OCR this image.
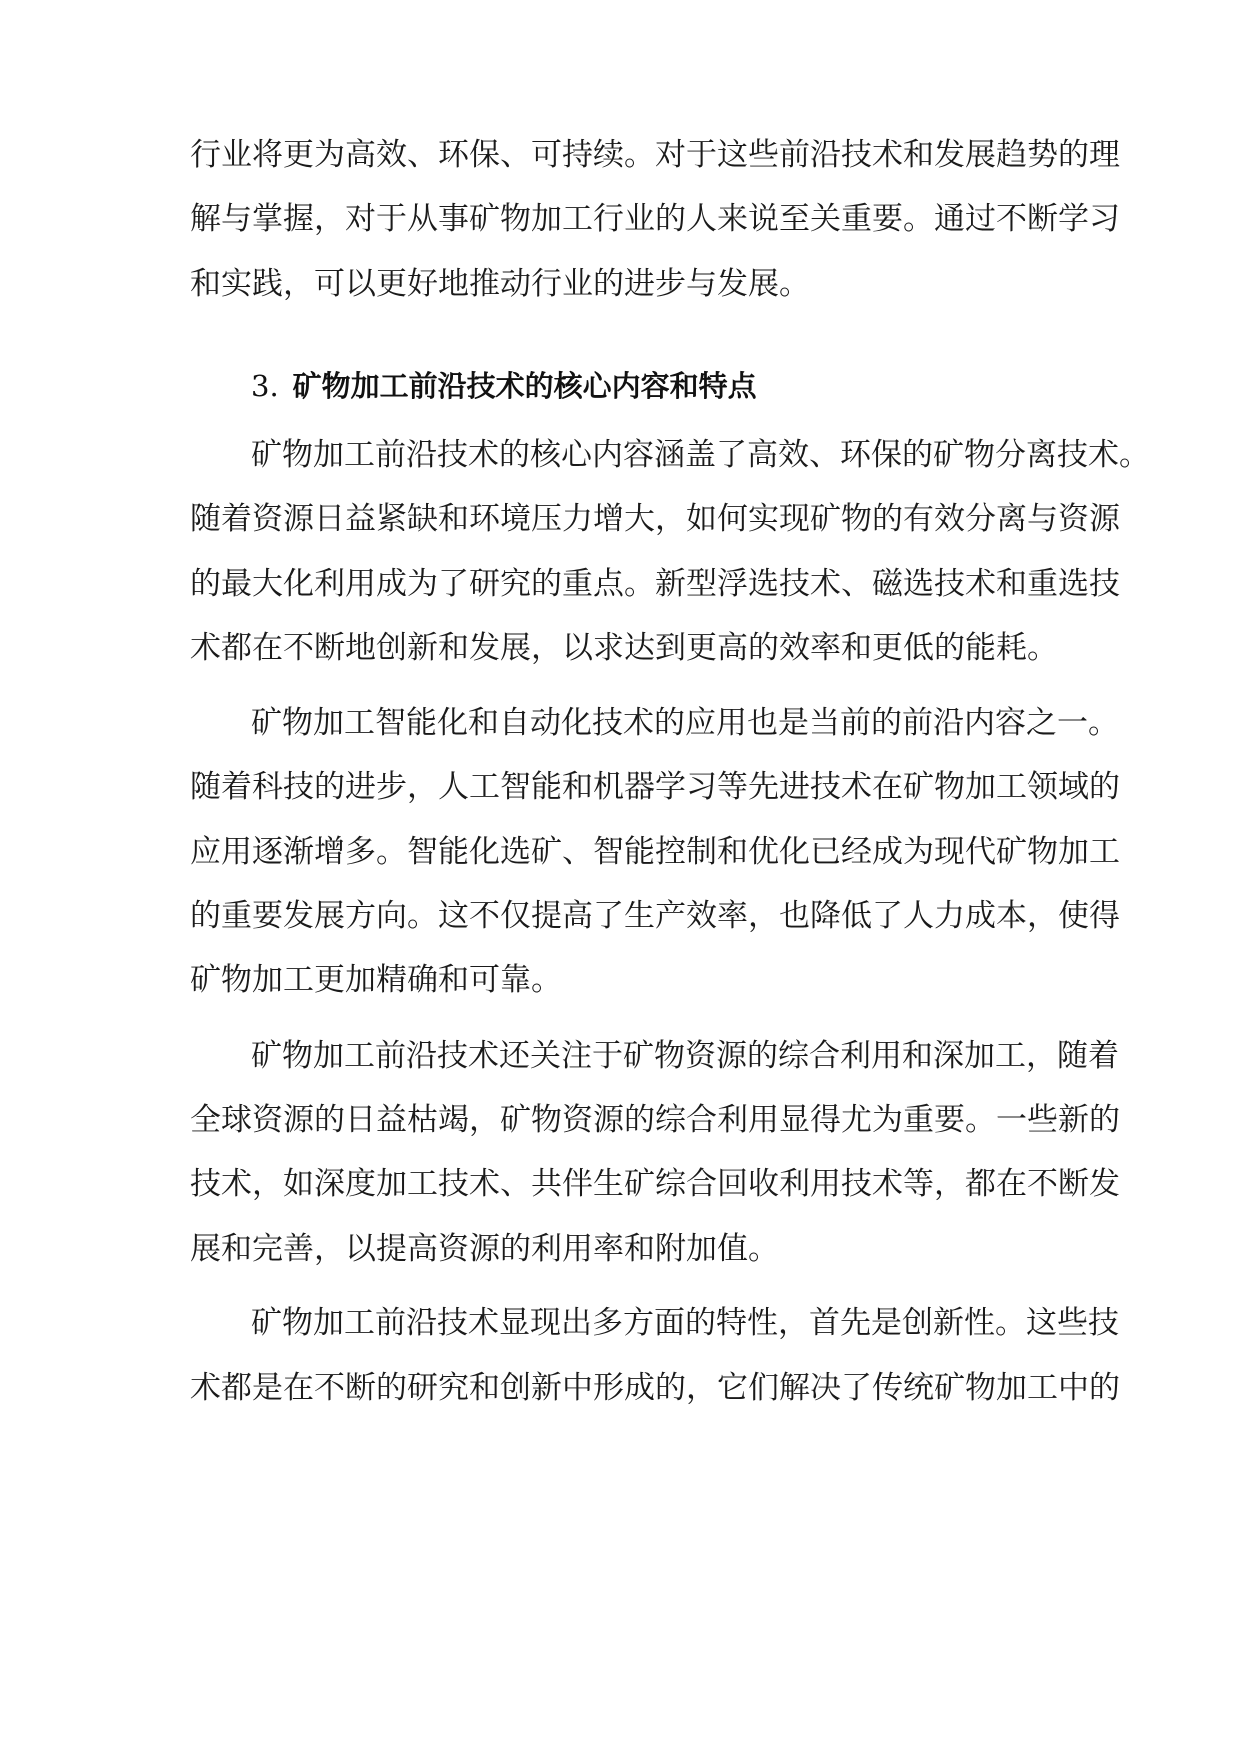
行业将更为高效、环保、可持续。对于这些前沿技术和发展趋势的理
解与掌握，对于从事矿物加工行业的人来说至关重要。通过不断学习
和实践，可以更好地推动行业的进步与发展。
3. 矿物加工前沿技术的核心内容和特点
矿物加工前沿技术的核心内容涵盖了高效、环保的矿物分离技术。
随着资源日益紧缺和环境压力增大，如何实现矿物的有效分离与资源
的最大化利用成为了研究的重点。新型浮选技术、磁选技术和重选技
术都在不断地创新和发展，以求达到更高的效率和更低的能耗。
矿物加工智能化和自动化技术的应用也是当前的前沿内容之一。
随着科技的进步，人工智能和机器学习等先进技术在矿物加工领域的
应用逐渐增多。智能化选矿、智能控制和优化已经成为现代矿物加工
的重要发展方向。这不仅提高了生产效率，也降低了人力成本，使得
矿物加工更加精确和可靠。
矿物加工前沿技术还关注于矿物资源的综合利用和深加工，随着
全球资源的日益枯竭，矿物资源的综合利用显得尤为重要。一些新的
技术，如深度加工技术、共伴生矿综合回收利用技术等，都在不断发
展和完善，以提高资源的利用率和附加值。
矿物加工前沿技术显现出多方面的特性，首先是创新性。这些技
术都是在不断的研究和创新中形成的，它们解决了传统矿物加工中的
